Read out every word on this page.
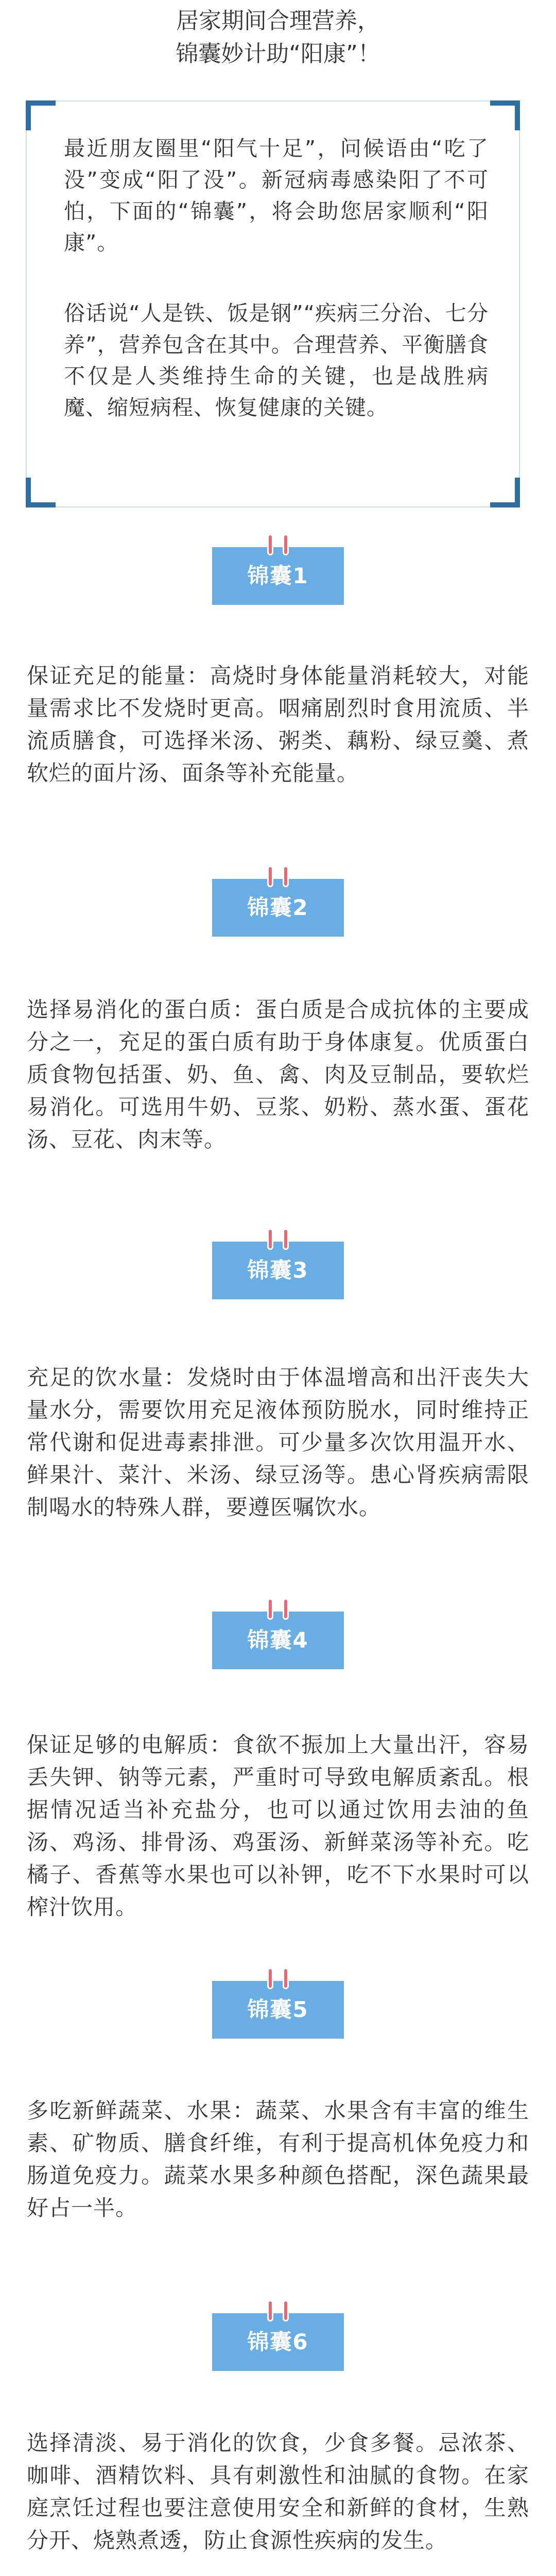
居家期间合理营养，
锦囊妙计助“阳康”！

最近朋友圈里“阳气十足”，问候语由“吃了没”变成“阳了没”。新冠病毒感染阳了不可怕，下面的“锦囊”，将会助您居家顺利“阳康”。

俗话说“人是铁、饭是钢”“疾病三分治、七分养”，营养包含在其中。合理营养、平衡膳食不仅是人类维持生命的关键，也是战胜病魔、缩短病程、恢复健康的关键。

锦囊1

保证充足的能量：高烧时身体能量消耗较大，对能量需求比不发烧时更高。咽痛剧烈时食用流质、半流质膳食，可选择米汤、粥类、藕粉、绿豆羹、煮软烂的面片汤、面条等补充能量。

锦囊2

选择易消化的蛋白质：蛋白质是合成抗体的主要成分之一，充足的蛋白质有助于身体康复。优质蛋白质食物包括蛋、奶、鱼、禽、肉及豆制品，要软烂易消化。可选用牛奶、豆浆、奶粉、蒸水蛋、蛋花汤、豆花、肉末等。

锦囊3

充足的饮水量：发烧时由于体温增高和出汗丧失大量水分，需要饮用充足液体预防脱水，同时维持正常代谢和促进毒素排泄。可少量多次饮用温开水、鲜果汁、菜汁、米汤、绿豆汤等。患心肾疾病需限制喝水的特殊人群，要遵医嘱饮水。

锦囊4

保证足够的电解质：食欲不振加上大量出汗，容易丢失钾、钠等元素，严重时可导致电解质紊乱。根据情况适当补充盐分，也可以通过饮用去油的鱼汤、鸡汤、排骨汤、鸡蛋汤、新鲜菜汤等补充。吃橘子、香蕉等水果也可以补钾，吃不下水果时可以榨汁饮用。

锦囊5

多吃新鲜蔬菜、水果：蔬菜、水果含有丰富的维生素、矿物质、膳食纤维，有利于提高机体免疫力和肠道免疫力。蔬菜水果多种颜色搭配，深色蔬果最好占一半。

锦囊6

选择清淡、易于消化的饮食，少食多餐。忌浓茶、咖啡、酒精饮料、具有刺激性和油腻的食物。在家庭烹饪过程也要注意使用安全和新鲜的食材，生熟分开、烧熟煮透，防止食源性疾病的发生。
